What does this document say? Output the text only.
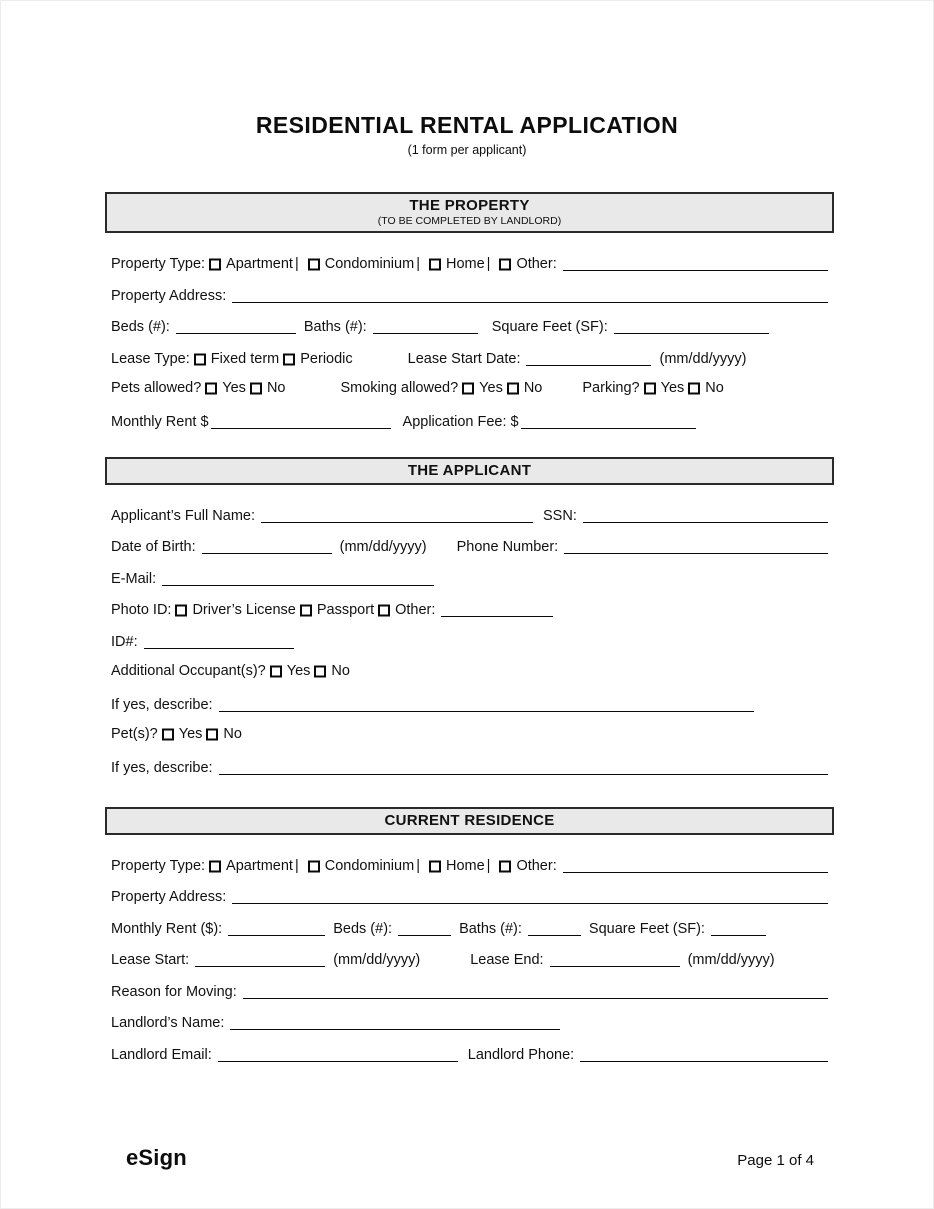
RESIDENTIAL RENTAL APPLICATION
(1 form per applicant)
THE PROPERTY
(TO BE COMPLETED BY LANDLORD)
Property Type: Apartment | Condominium | Home | Other:
Property Address:
Beds (#):	Baths (#):	Square Feet (SF):
Lease Type: Fixed term Periodic	Lease Start Date:	(mm/dd/yyyy)
Pets allowed? Yes No	Smoking allowed? Yes No	Parking? Yes No
Monthly Rent $	Application Fee: $
THE APPLICANT
Applicant’s Full Name:	SSN:
Date of Birth:	(mm/dd/yyyy) Phone Number:
E-Mail:
Photo ID: Driver’s License Passport Other:
ID#:
Additional Occupant(s)? Yes No
If yes, describe:
Pet(s)? Yes No
If yes, describe:
CURRENT RESIDENCE
Property Type: Apartment | Condominium | Home | Other:
Property Address:
Monthly Rent ($):	Beds (#):	Baths (#):	Square Feet (SF):
Lease Start:	(mm/dd/yyyy)	Lease End:	(mm/dd/yyyy)
Reason for Moving:
Landlord’s Name:
Landlord Email:	Landlord Phone:
eSign	Page 1 of 4
